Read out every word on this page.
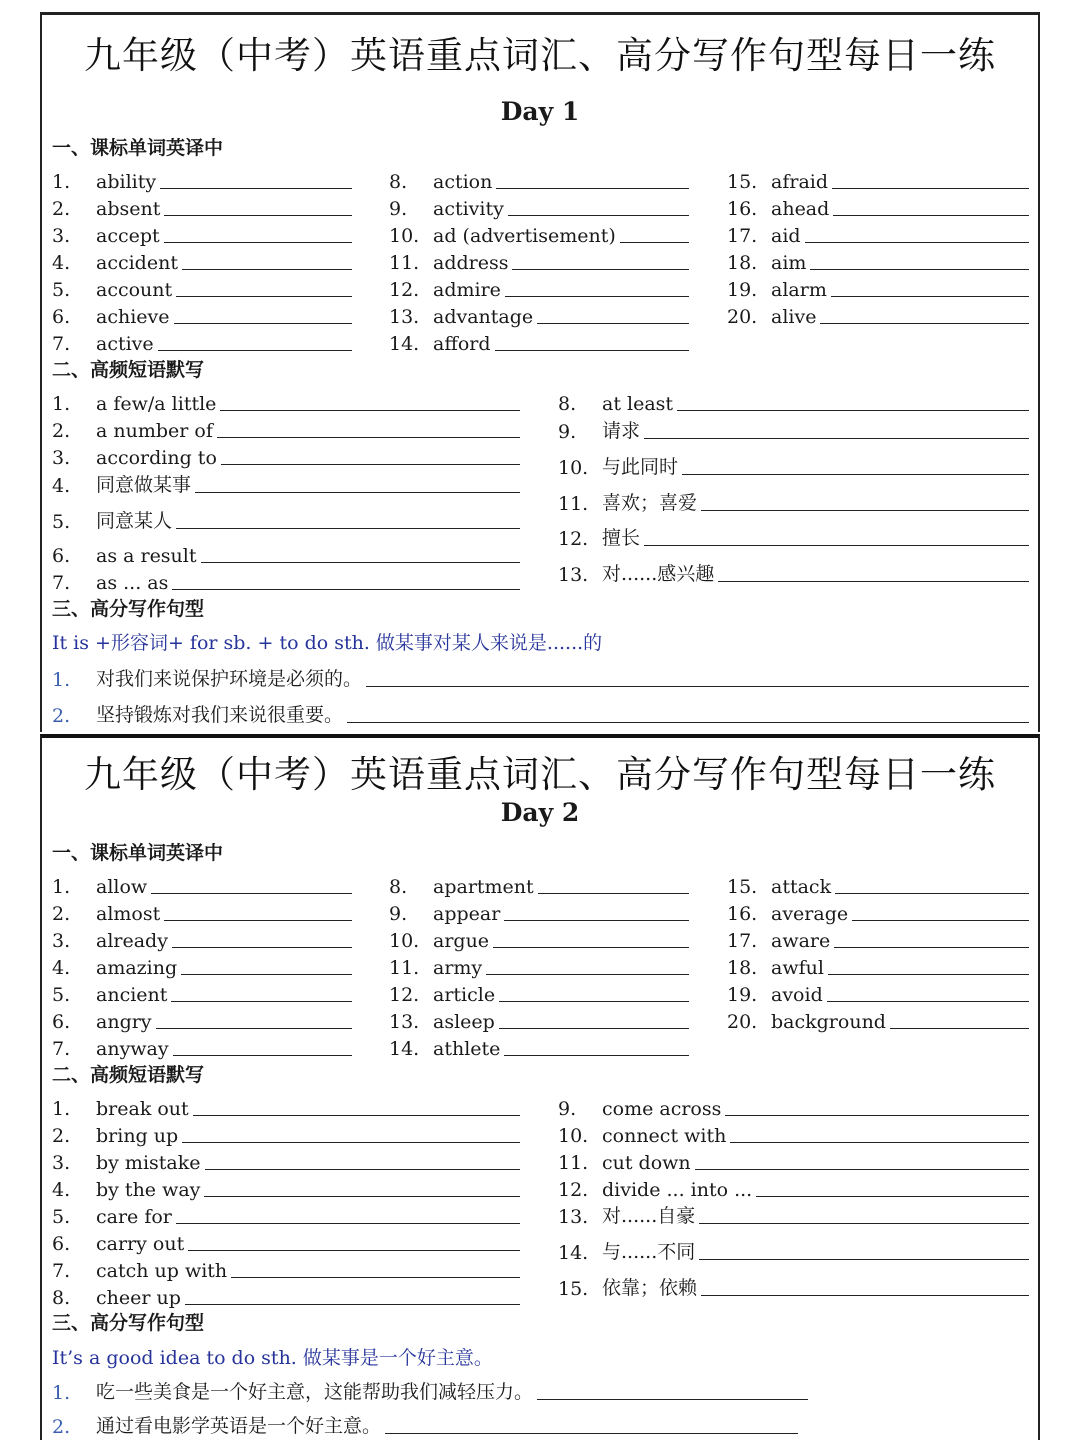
九年级（中考）英语重点词汇、高分写作句型每日一练
Day 1
一、课标单词英译中
1.	ability
2.	absent
3.	accept
4.	accident
5.	account
6.	achieve
7.	active
8.	action
9.	activity
10. ad (advertisement)
11. address
12. admire
13. advantage
14. afford
15. afraid
16. ahead
17. aid
18. aim
19. alarm
20. alive
二、高频短语默写
1.	a few/a little
2.	a number of
3.	according to
4.	同意做某事
5.	同意某人
6.	as a result
7.	as ... as
8.	at least
9.	请求
10. 与此同时
11. 喜欢；喜爱
12. 擅长
13. 对......感兴趣
三、高分写作句型
It is +形容词+ for sb. + to do sth. 做某事对某人来说是......的
1.	对我们来说保护环境是必须的。
2.	坚持锻炼对我们来说很重要。
九年级（中考）英语重点词汇、高分写作句型每日一练
Day 2
一、课标单词英译中
1.	allow
2.	almost
3.	already
4.	amazing
5.	ancient
6.	angry
7.	anyway
8.	apartment
9.	appear
10. argue
11. army
12. article
13. asleep
14. athlete
15. attack
16. average
17. aware
18. awful
19. avoid
20. background
二、高频短语默写
1.	break out
2.	bring up
3.	by mistake
4.	by the way
5.	care for
6.	carry out
7.	catch up with
8.	cheer up
9.	come across
10. connect with
11. cut down
12. divide ... into ...
13. 对......自豪
14. 与......不同
15. 依靠；依赖
三、高分写作句型
It’s a good idea to do sth. 做某事是一个好主意。
1.	吃一些美食是一个好主意，这能帮助我们减轻压力。
2.	通过看电影学英语是一个好主意。
